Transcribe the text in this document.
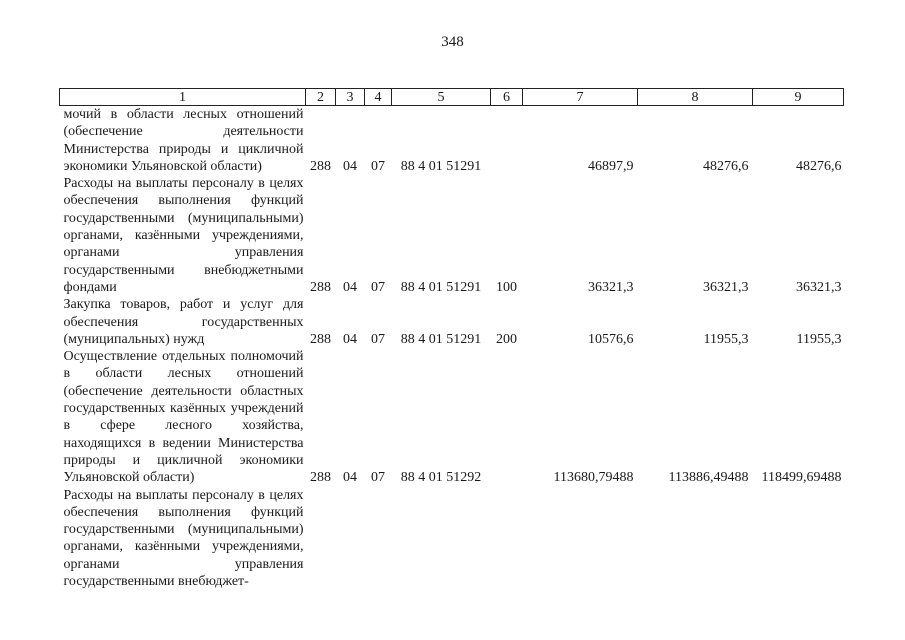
348
1	2	3	4	5	6	7	8	9
мочий в области лесных отношений (обеспечение деятельности Министерства природы и цикличной экономики Ульяновской области)	288	04	07	88 4 01 51291		46897,9	48276,6	48276,6
Расходы на выплаты персоналу в целях обеспечения выполнения функций государственными (муниципальными) органами, казёнными учреждениями, органами управления государственными внебюджетными фондами	288	04	07	88 4 01 51291	100	36321,3	36321,3	36321,3
Закупка товаров, работ и услуг для обеспечения государственных (муниципальных) нужд	288	04	07	88 4 01 51291	200	10576,6	11955,3	11955,3
Осуществление отдельных полномочий в области лесных отношений (обеспечение деятельности областных государственных казённых учреждений в сфере лесного хозяйства, находящихся в ведении Министерства природы и цикличной экономики Ульяновской области)	288	04	07	88 4 01 51292		113680,79488	113886,49488	118499,69488
Расходы на выплаты персоналу в целях обеспечения выполнения функций государственными (муниципальными) органами, казёнными учреждениями, органами управления государственными внебюджет-								
